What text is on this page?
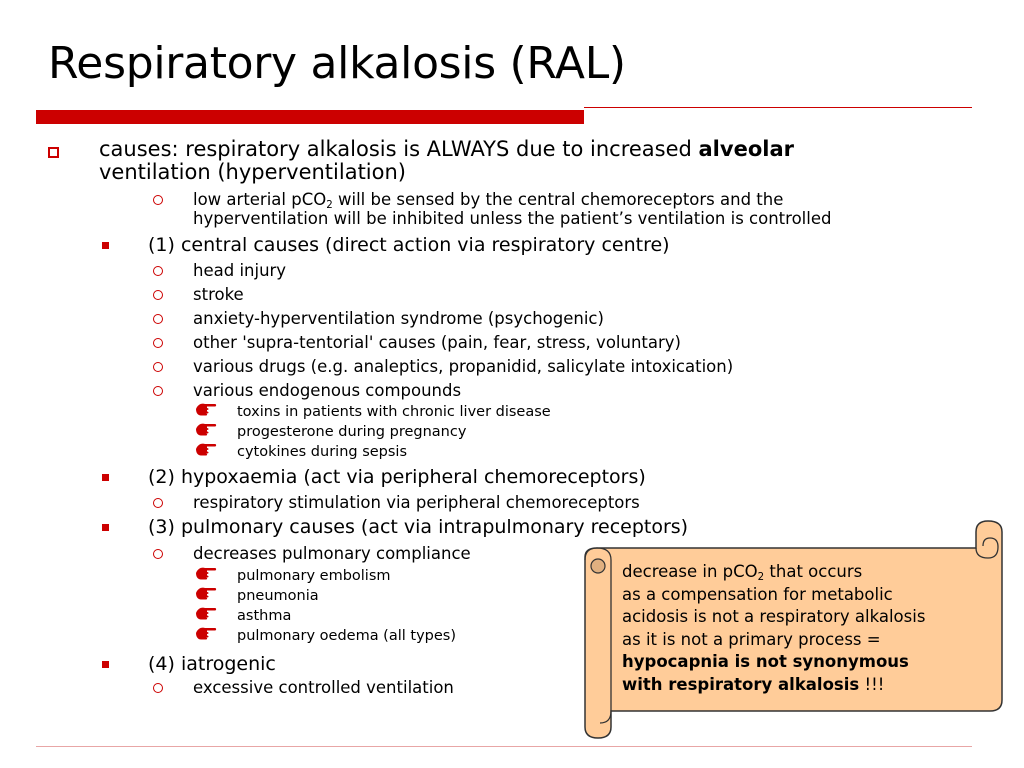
Respiratory alkalosis (RAL)
causes: respiratory alkalosis is ALWAYS due to increased alveolar
ventilation (hyperventilation)
low arterial pCO$_2$ will be sensed by the central chemoreceptors and the
hyperventilation will be inhibited unless the patient’s ventilation is controlled
(1) central causes (direct action via respiratory centre)
head injury
stroke
anxiety-hyperventilation syndrome (psychogenic)
other 'supra-tentorial' causes (pain, fear, stress, voluntary)
various drugs (e.g. analeptics, propanidid, salicylate intoxication)
various endogenous compounds
toxins in patients with chronic liver disease
progesterone during pregnancy
cytokines during sepsis
(2) hypoxaemia (act via peripheral chemoreceptors)
respiratory stimulation via peripheral chemoreceptors
(3) pulmonary causes (act via intrapulmonary receptors)
decreases pulmonary compliance
pulmonary embolism
pneumonia
asthma
pulmonary oedema (all types)
(4) iatrogenic
excessive controlled ventilation
decrease in pCO$_2$ that occurs
as a compensation for metabolic
acidosis is not a respiratory alkalosis
as it is not a primary process =
hypocapnia is not synonymous
with respiratory alkalosis !!!
